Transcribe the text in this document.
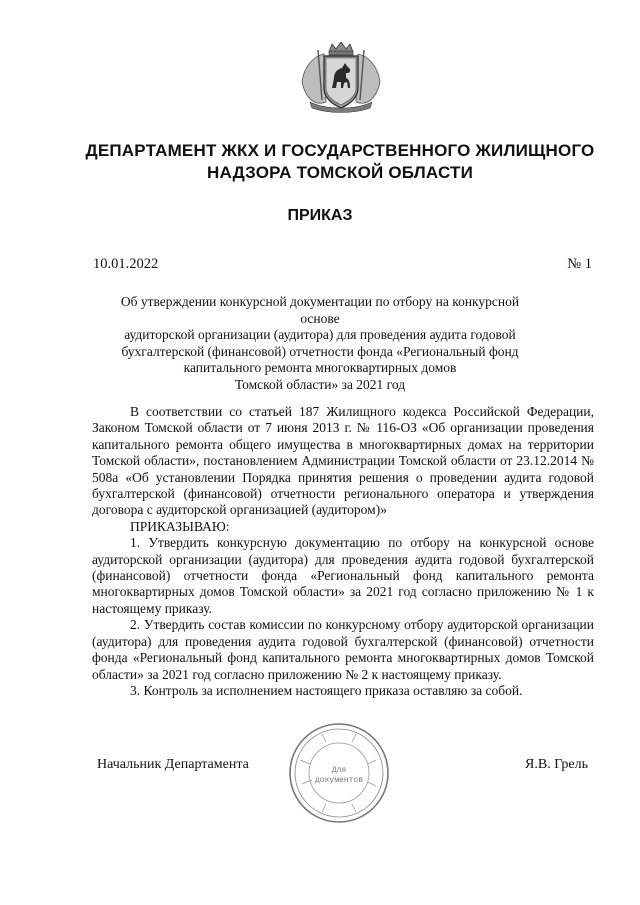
ДЕПАРТАМЕНТ ЖКХ И ГОСУДАРСТВЕННОГО ЖИЛИЩНОГО
НАДЗОРА ТОМСКОЙ ОБЛАСТИ
ПРИКАЗ
10.01.2022	№ 1
Об утверждении конкурсной документации по отбору на конкурсной основе
аудиторской организации (аудитора) для проведения аудита годовой
бухгалтерской (финансовой) отчетности фонда «Региональный фонд
капитального ремонта многоквартирных домов
Томской области» за 2021 год

В соответствии со статьей 187 Жилищного кодекса Российской Федерации, Законом Томской области от 7 июня 2013 г. № 116-ОЗ «Об организации проведения капитального ремонта общего имущества в многоквартирных домах на территории Томской области», постановлением Администрации Томской области от 23.12.2014 № 508а «Об установлении Порядка принятия решения о проведении аудита годовой бухгалтерской (финансовой) отчетности регионального оператора и утверждения договора с аудиторской организацией (аудитором)»

ПРИКАЗЫВАЮ:

1. Утвердить конкурсную документацию по отбору на конкурсной основе аудиторской организации (аудитора) для проведения аудита годовой бухгалтерской (финансовой) отчетности фонда «Региональный фонд капитального ремонта многоквартирных домов Томской области» за 2021 год согласно приложению № 1 к настоящему приказу.

2. Утвердить состав комиссии по конкурсному отбору аудиторской организации (аудитора) для проведения аудита годовой бухгалтерской (финансовой) отчетности фонда «Региональный фонд капитального ремонта многоквартирных домов Томской области» за 2021 год согласно приложению № 2 к настоящему приказу.

3. Контроль за исполнением настоящего приказа оставляю за собой.

Начальник Департамента	Я.В. Грель
Для
документов
